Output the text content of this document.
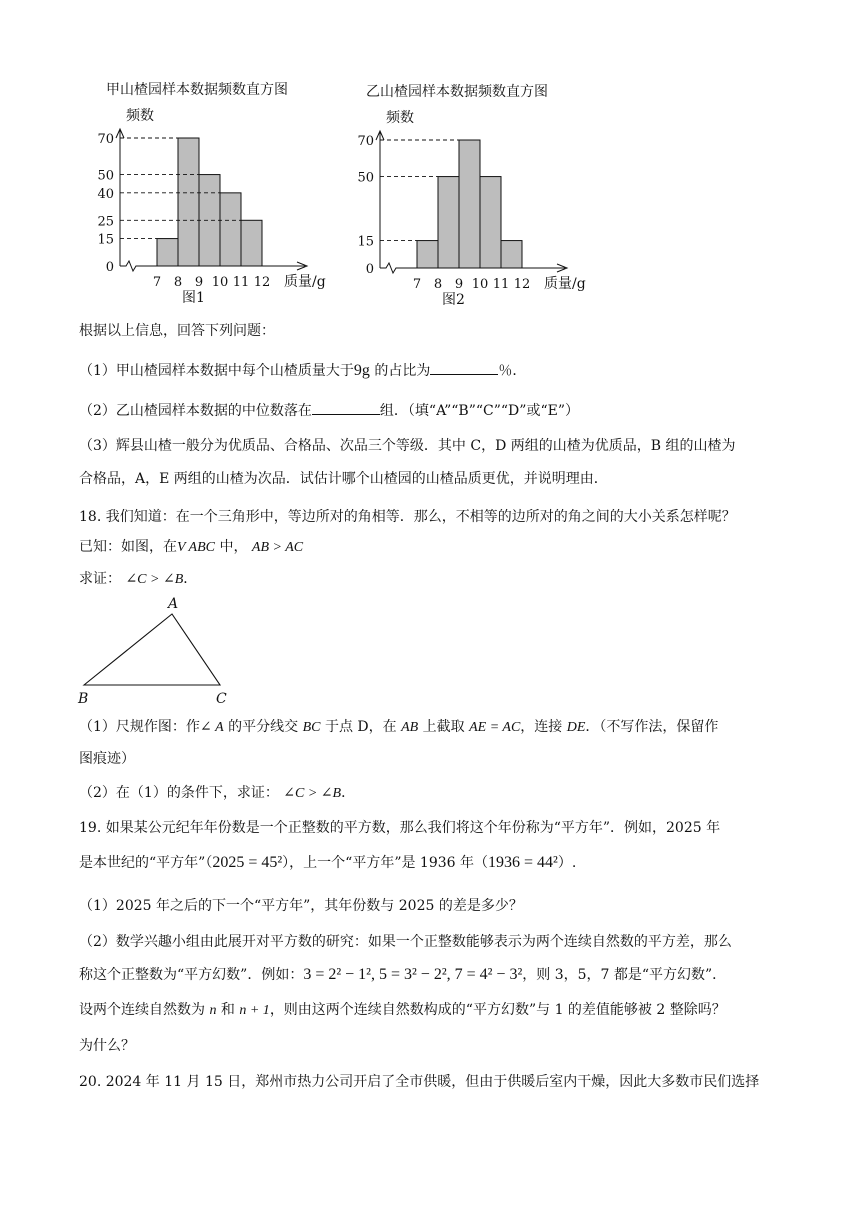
甲山楂园样本数据频数直方图
频数
0
15
25
40
50
70
7 8 9 10 11 12 质量/g
图1
乙山楂园样本数据频数直方图
频数
0
15
50
70
7 8 9 10 11 12 质量/g
图2
根据以上信息，回答下列问题：
（1）甲山楂园样本数据中每个山楂质量大于9g 的占比为	％．
（2）乙山楂园样本数据的中位数落在	组．（填“A”“B”“C”“D”或“E”）
（3）辉县山楂一般分为优质品、合格品、次品三个等级．其中 C，D 两组的山楂为优质品，B 组的山楂为
合格品，A，E 两组的山楂为次品．试估计哪个山楂园的山楂品质更优，并说明理由．
18. 我们知道：在一个三角形中，等边所对的角相等．那么，不相等的边所对的角之间的大小关系怎样呢？
已知：如图，在V ABC 中， AB > AC
求证： ∠C > ∠B．
A
B	C
（1）尺规作图：作∠ A 的平分线交 BC 于点 D，在 AB 上截取 AE = AC，连接 DE．（不写作法，保留作
图痕迹）
（2）在（1）的条件下，求证： ∠C > ∠B．
19. 如果某公元纪年年份数是一个正整数的平方数，那么我们将这个年份称为“平方年”．例如，2025 年
是本世纪的“平方年”（2025 = 45²），上一个“平方年”是 1936 年（1936 = 44²）.
（1）2025 年之后的下一个“平方年”，其年份数与 2025 的差是多少？
（2）数学兴趣小组由此展开对平方数的研究：如果一个正整数能够表示为两个连续自然数的平方差，那么
称这个正整数为“平方幻数”．例如：3 = 2² − 1², 5 = 3² − 2², 7 = 4² − 3²，则 3，5，7 都是“平方幻数”．
设两个连续自然数为 n 和 n + 1，则由这两个连续自然数构成的“平方幻数”与 1 的差值能够被 2 整除吗？
为什么？
20. 2024 年 11 月 15 日，郑州市热力公司开启了全市供暖，但由于供暖后室内干燥，因此大多数市民们选择
